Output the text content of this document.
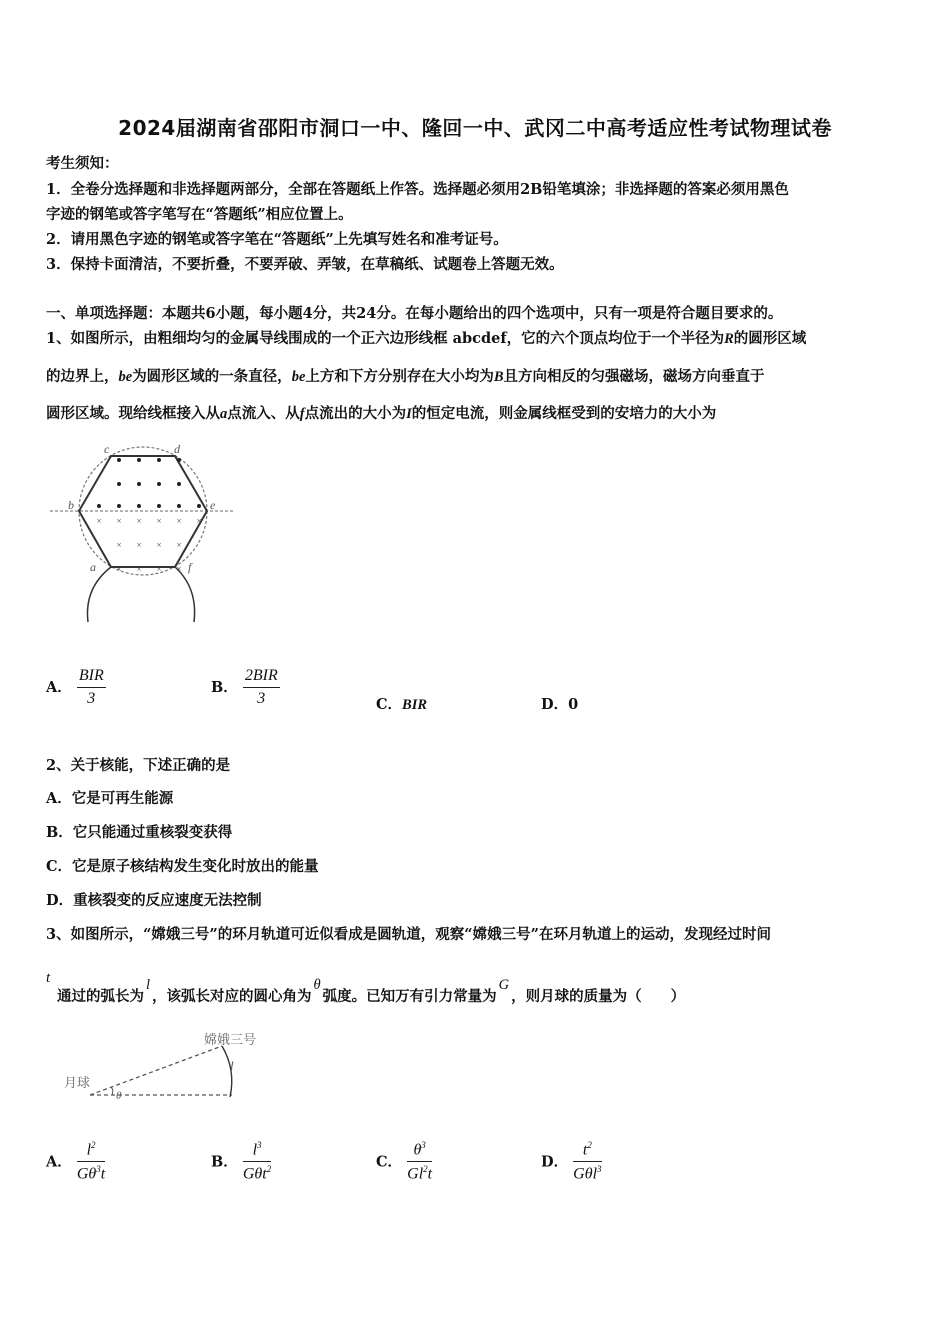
2024届湖南省邵阳市洞口一中、隆回一中、武冈二中高考适应性考试物理试卷
考生须知：
1．全卷分选择题和非选择题两部分，全部在答题纸上作答。选择题必须用2B铅笔填涂；非选择题的答案必须用黑色
字迹的钢笔或答字笔写在“答题纸”相应位置上。
2．请用黑色字迹的钢笔或答字笔在“答题纸”上先填写姓名和准考证号。
3．保持卡面清洁，不要折叠，不要弄破、弄皱，在草稿纸、试题卷上答题无效。
一、单项选择题：本题共6小题，每小题4分，共24分。在每小题给出的四个选项中，只有一项是符合题目要求的。
1、如图所示，由粗细均匀的金属导线围成的一个正六边形线框 abcdef，它的六个顶点均位于一个半径为R的圆形区域
的边界上，be为圆形区域的一条直径，be上方和下方分别存在大小均为B且方向相反的匀强磁场，磁场方向垂直于
圆形区域。现给线框接入从a点流入、从f点流出的大小为I的恒定电流，则金属线框受到的安培力的大小为
× × × × × ×
× × × ×
× × × ×
b
c	d
e
a	f
A． $\frac{\text{BIR}}{3}$	B． $\frac{\text{2BIR}}{3}$	C．BIR	D．0
2、关于核能，下述正确的是
A．它是可再生能源
B．它只能通过重核裂变获得
C．它是原子核结构发生变化时放出的能量
D．重核裂变的反应速度无法控制
3、如图所示，“嫦娥三号”的环月轨道可近似看成是圆轨道，观察“嫦娥三号”在环月轨道上的运动，发现经过时间
t
通过的弧长为l，该弧长对应的圆心角为θ弧度。已知万有引力常量为G，则月球的质量为（　　）
月球
嫦娥三号
l
θ
A． $\frac{l^2}{G\theta^3t}$	B． $\frac{l^3}{G\theta t^2}$	C． $\frac{\theta^3}{Gl^2t}$	D． $\frac{t^2}{G\theta l^3}$
